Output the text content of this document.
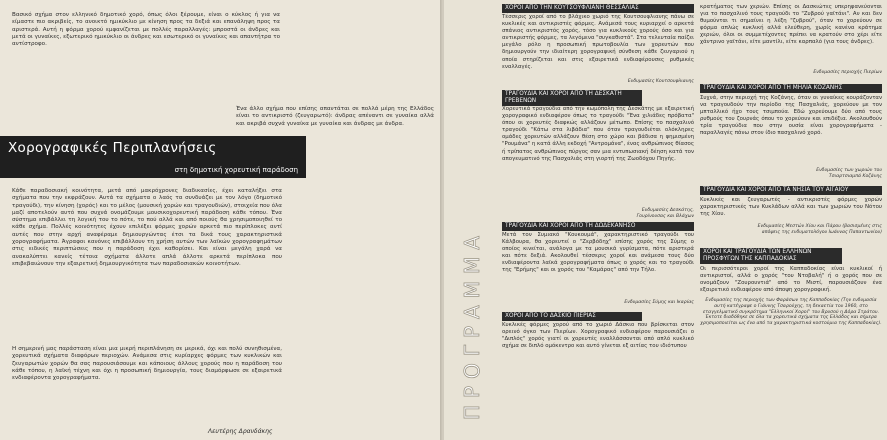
Βασικό σχήμα στον ελληνικό δημοτικό χορό, όπως όλοι ξέρουμε, είναι ο κύκλος ή για να είμαστε πιο ακριβείς, το ανοικτό ημικύκλιο με κίνηση προς τα δεξιά και επανάληψη προς τα αριστερά. Αυτή η φόρμα χορού εμφανίζεται με πολλές παραλλαγές: μπροστά οι άνδρες και μετά οι γυναίκες, εξωτερικό ημικύκλιο οι άνδρες και εσωτερικό οι γυναίκες και απαντήτρα το αντίστροφο.
Χορογραφικές Περιπλανήσεις
στη δημοτική χορευτική παράδοση
Ένα άλλο σχήμα που επίσης απαντάται σε πολλά μέρη της Ελλάδος είναι το αντικριστό (ζευγαρωτό): άνδρας απέναντι σε γυναίκα αλλά και ακριβά συχνά γυναίκα με γυναίκα και άνδρας με άνδρα.
Κάθε παραδοσιακή κοινότητα, μετά από μακρόχρονες διαδικασίες, έχει καταλήξει στα σχήματα που την εκφράζουν. Αυτά τα σχήματα ο λαός τα συνδυάζει με τον λόγο (δημοτικό τραγούδι), την κίνηση (χορός) και το μέλος (μουσική χορών και τραγουδιών), στοιχεία που όλα μαζί αποτελούν αυτό που συχνά ονομάζουμε μουσικοχορευτική παράδοση κάθε τόπου. Ένα σύστημα επιβάλλει τη λογική του το πότε, το πού αλλά και από ποιούς θα χρησιμοποιηθεί το κάθε σχήμα. Πολλές κοινότητες έχουν επιλέξει φόρμες χορών αρκετά πιο περίπλοκες αντί αυτές που στην αρχή αναφέραμε δημιουργώντας έτσι τα δικά τους χαρακτηριστικά χορογραφήματα. Άγραφοι κανόνες επιβάλλουν τη χρήση αυτών των λαϊκών χορογραφημάτων στις ειδικές περιπτώσεις που η παράδοση έχει καθορίσει. Και είναι μεγάλη χαρά να ανακαλύπτει κανείς τέτοια σχήματα άλλοτε απλά άλλοτε αρκετά περίπλοκα που επιβεβαιώνουν την εξαιρετική δημιουργικότητα των παραδοσιακών κοινοτήτων.
Η σημερινή μας παράσταση είναι μια μικρή περιπλάνηση σε μερικά, όχι και πολύ συνηθισμένα, χορευτικά σχήματα διαφόρων περιοχών. Ανάμεσα στις κυρίαρχες φόρμες των κυκλικών και ζευγαρωτών χορών θα σας παρουσιάσουμε και κάποιους άλλους χορούς που η παράδοση του κάθε τόπου, η λαϊκή τέχνη και όχι η προσωπική δημιουργία, τους διαμόρφωσε σε εξαιρετικά ενδιαφέροντα χορογραφήματα.
Λευτέρης Δρανδάκης
ΠΡΟΓΡΑΜΜΑ
ΧΟΡΟΙ ΑΠΟ ΤΗΝ ΚΟΥΤΣΟΥΦΛΙΑΝΗ ΘΕΣΣΑΛΙΑΣ
Τέσσερις χοροί από το βλάχικο χωριό της Κουτσουφλιανης πάνω σε κυκλικές και αντικριστές φόρμες. Ανάμεσά τους κυριαρχεί ο αρκετά σπάνιος αντικριστός χορός, τόσο για κυκλικούς χορούς όσο και για αντικριστής φόρμες, τα λεγόμενα "συγκαθιστά". Στα τελευταία παίζει μεγάλο ρόλο η προσωπική πρωτοβουλία των χορευτών που δημιουργούν την ιδιαίτερη χορογραφική σύνθεση κάθε ζευγαριού η οποία στηρίζεται και στις εξαιρετικά ενδιαφέρουσες ρυθμικές εναλλαγές.
Ενδυμασίες Κουτσουφλιανης
ΤΡΑΓΟΥΔΙΑ ΚΑΙ ΧΟΡΟΙ ΑΠΟ ΤΗ ΔΕΣΚΑΤΗ ΓΡΕΒΕΝΩΝ
Χορευτικά τραγούδια από την κωμόπολη της Δεσκάτης με εξαιρετική χορογραφικό ενδιαφέρον όπως το τραγούδι "Ένα χιλιάδες πρόβατα" όπου οι χορευτές διαφκώς αλλάζουν μέτωπο. Επίσης το πασχαλινό τραγούδι "Κάτω στα λιβάδια" που όταν τραγουδιέται ολόκληρες ομάδες χορευτών αλλάζουν θέση στο χώρο και βάδισα η φημισμένη "Ρουμάνα" η κατά άλλη εκδοχή "Αντρομάνα", ένας ανθρώπινος θίασος ή τρίπατος ανθρώπινος πύργος σαν μια εντυπωσιακή δέηση κατά τον απογευματινό της Πασχαλιάς στη γιορτή της Ζωοδόχου Πηγής.
Ενδυμασίες Δεσκάτης, Γουρίνουσας και Βλάχων
ΤΡΑΓΟΥΔΙΑ ΚΑΙ ΧΟΡΟΙ ΑΠΟ ΤΗ ΔΩΔΕΚΑΝΗΣΟ
Μετά τον Συμιακό "Κουκουμά", χαρακτηριστικό τραγούδι του Κάλβουρα, θα χορευτεί ο "Ζερβόδηχ" επίσης χορός της Σύμης ο οποίος κινείται, ανάλογα με τα μουσικά γυρίσματα, πότε αριστερά και πότε δεξιά. Ακολουθεί τέσσερις χοροί και ανάμεσα τους δύο ενδιαφέροντα λαϊκά χορογραφήματα όπως ο χορός και το τραγούδι της "Ερήμης" και οι χορός του "Καμάρας" από την Τήλο.
Ενδυμασίες Σύμης και Ικαρίας
ΧΟΡΟΙ ΑΠΟ ΤΟ ΔΑΣΚΙΟ ΠΙΕΡΙΑΣ
Κυκλικές φόρμες χορού από το χωριό Δάσκιο που βρίσκεται στον ορεινό όγκο των Πιερίων. Χορογραφικό ενδιαφέρον παρουσιάζει ο "Διπλός" χορός γιατί οι χορευτές εναλλάσσονται από απλό κυκλικό σχήμα σε διπλό ομόκεντρο και αυτό γίνεται εξ αιτίας του ιδιότυπου
κρατήματος των χεριών. Επίσης οι Δασκιώτες υπερηφανεύονται για το πασχαλινό τους τραγούδι το "Ζυβρού γαϊτάνι". Αν και δεν θυμούνται τι σημαίνει η λέξη "ζυβρού", όταν το χορεύουν σε φόρμα απλώς κυκλική αλλά ελεύθερη, χωρίς κανένα κράτημα χεριών, όλοι οι συμμετέχοντες πρέπει να κρατούν στο χέρι είτε χάντρινο γαϊτάνι, είτε μαντίλι, είτε καρπαλό (για τους άνδρες).
Ενδυμασίες περιοχής Πιερίων
ΤΡΑΓΟΥΔΙΑ ΚΑΙ ΧΟΡΟΙ ΑΠΟ ΤΗ ΜΗΛΙΑ ΚΟΖΑΝΗΣ
Συχνά, στην περιοχή της Κοζάνης, όταν οι γυναίκες κουράζονταν να τραγουδούν την περίοδο της Πασχαλιάς, χορεύουν με τον μπταλλικό ήχο τους τσιμπούα. Εδώ χορεύουμε δύο από τους ρυθμούς του ζουρνάς όπου το χορεύουν και επιδέξια. Ακολουθούν τρία τραγούδια που στην ουσία είναι χορογραφήματα - παραλλαγές πάνω στον ίδιο πασχαλινό χορό.
Ενδυμασίες των χωριών του Τσιαρτσιαμπά Κοζάνης
ΤΡΑΓΟΥΔΙΑ ΚΑΙ ΧΟΡΟΙ ΑΠΟ ΤΑ ΝΗΣΙΑ ΤΟΥ ΑΙΓΑΙΟΥ
Κυκλικές και ζευγαρωτές - αντικριστές φόρμες χορών χαρακτηριστικές των Κυκλάδων αλλά και των χωριών του Νότου της Χίου.
Ενδυμασίες Μεστών Χίου και Πάρου (βασισμένες στις απόψεις της ενδυματολόγου Ιωάννας Παπαντωνίου)
ΧΟΡΟΙ ΚΑΙ ΤΡΑΓΟΥΔΙΑ ΤΩΝ ΕΛΛΗΝΩΝ ΠΡΟΣΦΥΓΩΝ ΤΗΣ ΚΑΠΠΑΔΟΚΙΑΣ
Οι περισσότεροι χοροί της Καππαδοκίας είναι κυκλικοί ή αντικριστοί, αλλά ο χορός "του Ντοβαλή" ή ο χορός που σε ονομάζουν "Ζουρουντιά" από το Μιστί, παρουσιάζουν ένα εξαιρετικό ενδιαφέρον από άποψη χορογραφική.
Ενδυμασίες της περιοχής των Φαράσων της Καππαδοκίας (Την ενδυμασία αυτή κατέγραψε ο Γιάννης Τσαρούχης, τη δεκαετία του 1960, στο εταγγελματικό συγκρότημα "Ελληνικοί Χοροί" του Βρυσού η Δόρα Στράτου. Έκτοτε διαδόθηκε σε όλα τα χορευτικά σχήματα της Ελλάδος και σήμερα χρησιμοποιείται ως ένα από τα χαρακτηριστικά κοστούμια της Καππαδοκίας).
